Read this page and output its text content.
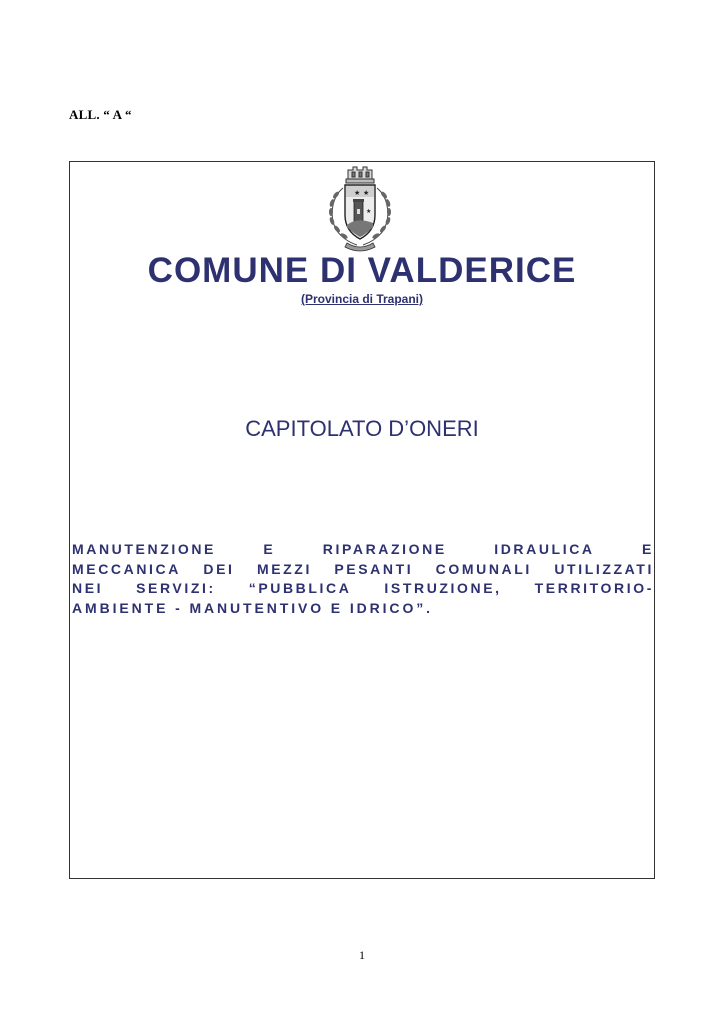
ALL. “ A “
★ ★
★
COMUNE DI VALDERICE
(Provincia di Trapani)
CAPITOLATO D’ONERI
MANUTENZIONE	E	RIPARAZIONE	IDRAULICA	E
MECCANICA DEI MEZZI PESANTI COMUNALI UTILIZZATI
NEI SERVIZI: “PUBBLICA ISTRUZIONE, TERRITORIO-
AMBIENTE - MANUTENTIVO E IDRICO”.
1
